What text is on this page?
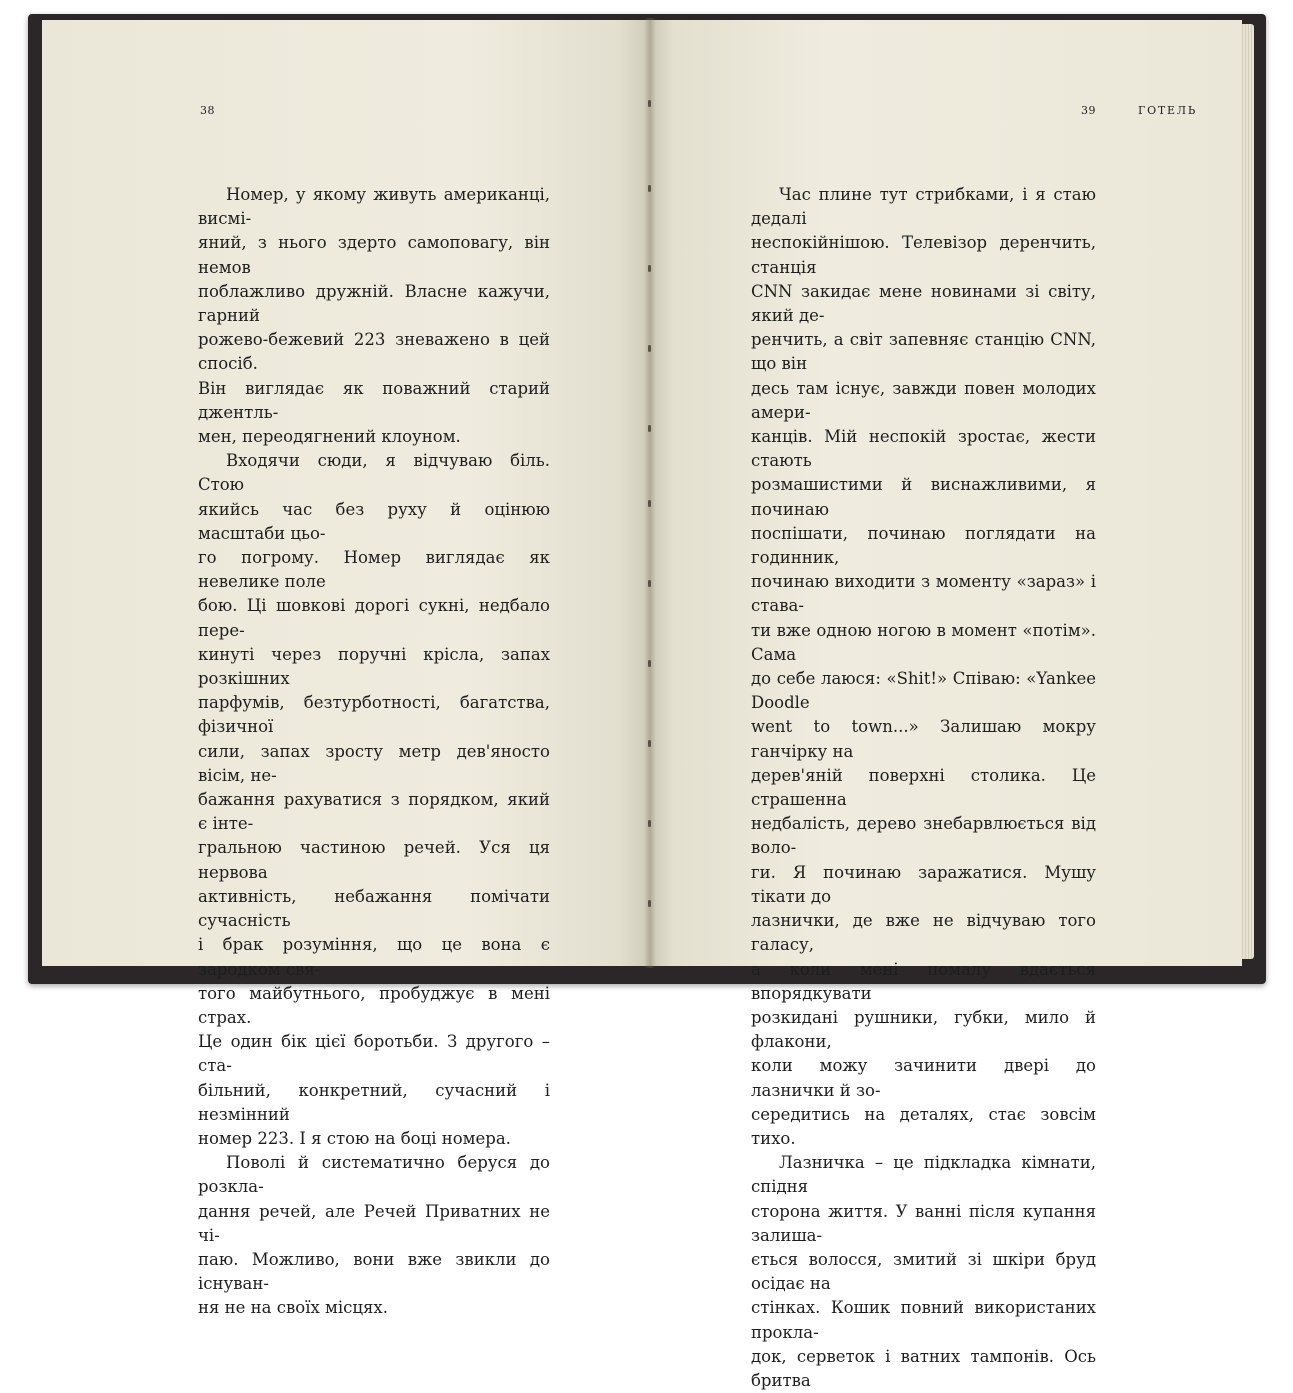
38	39	ГОТЕЛЬ

Номер, у якому живуть американці, висмі-
яний, з нього здерто самоповагу, він немов
поблажливо дружній. Власне кажучи, гарний
рожево-бежевий 223 зневажено в цей спосіб.
Він виглядає як поважний старий джентль-
мен, переодягнений клоуном.

Входячи сюди, я відчуваю біль. Стою
якийсь час без руху й оцінюю масштаби цьо-
го погрому. Номер виглядає як невелике поле
бою. Ці шовкові дорогі сукні, недбало пере-
кинуті через поручні крісла, запах розкішних
парфумів, безтурботності, багатства, фізичної
сили, запах зросту метр дев'яносто вісім, не-
бажання рахуватися з порядком, який є інте-
гральною частиною речей. Уся ця нервова
активність, небажання помічати сучасність
і брак розуміння, що це вона є зародком свя-
того майбутнього, пробуджує в мені страх.
Це один бік цієї боротьби. З другого – ста-
більний, конкретний, сучасний і незмінний
номер 223. І я стою на боці номера.

Поволі й систематично беруся до розкла-
дання речей, але Речей Приватних не чі-
паю. Можливо, вони вже звикли до існуван-
ня не на своїх місцях.

Час плине тут стрибками, і я стаю дедалі
неспокійнішою. Телевізор деренчить, станція
CNN закидає мене новинами зі світу, який де-
ренчить, а світ запевняє станцію CNN, що він
десь там існує, завжди повен молодих амери-
канців. Мій неспокій зростає, жести стають
розмашистими й виснажливими, я починаю
поспішати, починаю поглядати на годинник,
починаю виходити з моменту «зараз» і ставa-
ти вже одною ногою в момент «потім». Сама
до себе лаюся: «Shit!» Співаю: «Yankee Doodle
went to town...» Залишаю мокру ганчірку на
дерев'яній поверхні столика. Це страшенна
недбалість, дерево знебарвлюється від воло-
ги. Я починаю заражатися. Мушу тікати до
лазнички, де вже не відчуваю того галасу,
а коли мені помалу вдається впорядкувати
розкидані рушники, губки, мило й флакони,
коли можу зачинити двері до лазнички й зо-
середитись на деталях, стає зовсім тихо.

Лазничка – це підкладка кімнати, спідня
сторона життя. У ванні після купання залиша-
ється волосся, змитий зі шкіри бруд осідає на
стінках. Кошик повний використаних проклa-
док, серветок і ватних тампонів. Ось бритва
